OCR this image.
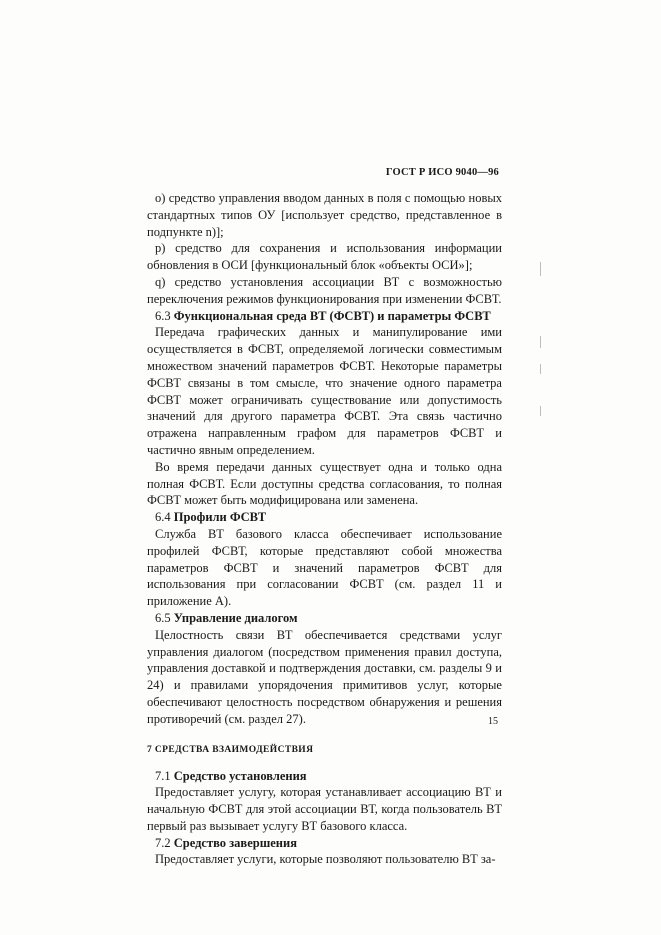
ГОСТ Р ИСО 9040—96

о) средство управления вводом данных в поля с помощью новых стандартных типов ОУ [использует средство, представленное в подпункте n)];

р) средство для сохранения и использования информации обновления в ОСИ [функциональный блок «объекты ОСИ»];

q) средство установления ассоциации ВТ с возможностью переключения режимов функционирования при изменении ФСВТ.

6.3 Функциональная среда ВТ (ФСВТ) и параметры ФСВТ

Передача графических данных и манипулирование ими осуществляется в ФСВТ, определяемой логически совместимым множеством значений параметров ФСВТ. Некоторые параметры ФСВТ связаны в том смысле, что значение одного параметра ФСВТ может ограничивать существование или допустимость значений для другого параметра ФСВТ. Эта связь частично отражена направленным графом для параметров ФСВТ и частично явным определением.

Во время передачи данных существует одна и только одна полная ФСВТ. Если доступны средства согласования, то полная ФСВТ может быть модифицирована или заменена.

6.4 Профили ФСВТ

Служба ВТ базового класса обеспечивает использование профилей ФСВТ, которые представляют собой множества параметров ФСВТ и значений параметров ФСВТ для использования при согласовании ФСВТ (см. раздел 11 и приложение А).

6.5 Управление диалогом

Целостность связи ВТ обеспечивается средствами услуг управления диалогом (посредством применения правил доступа, управления доставкой и подтверждения доставки, см. разделы 9 и 24) и правилами упорядочения примитивов услуг, которые обеспечивают целостность посредством обнаружения и решения противоречий (см. раздел 27).

7 СРЕДСТВА ВЗАИМОДЕЙСТВИЯ
7.1 Средство установления

Предоставляет услугу, которая устанавливает ассоциацию ВТ и начальную ФСВТ для этой ассоциации ВТ, когда пользователь ВТ первый раз вызывает услугу ВТ базового класса.

7.2 Средство завершения

Предоставляет услуги, которые позволяют пользователю ВТ за-

15
